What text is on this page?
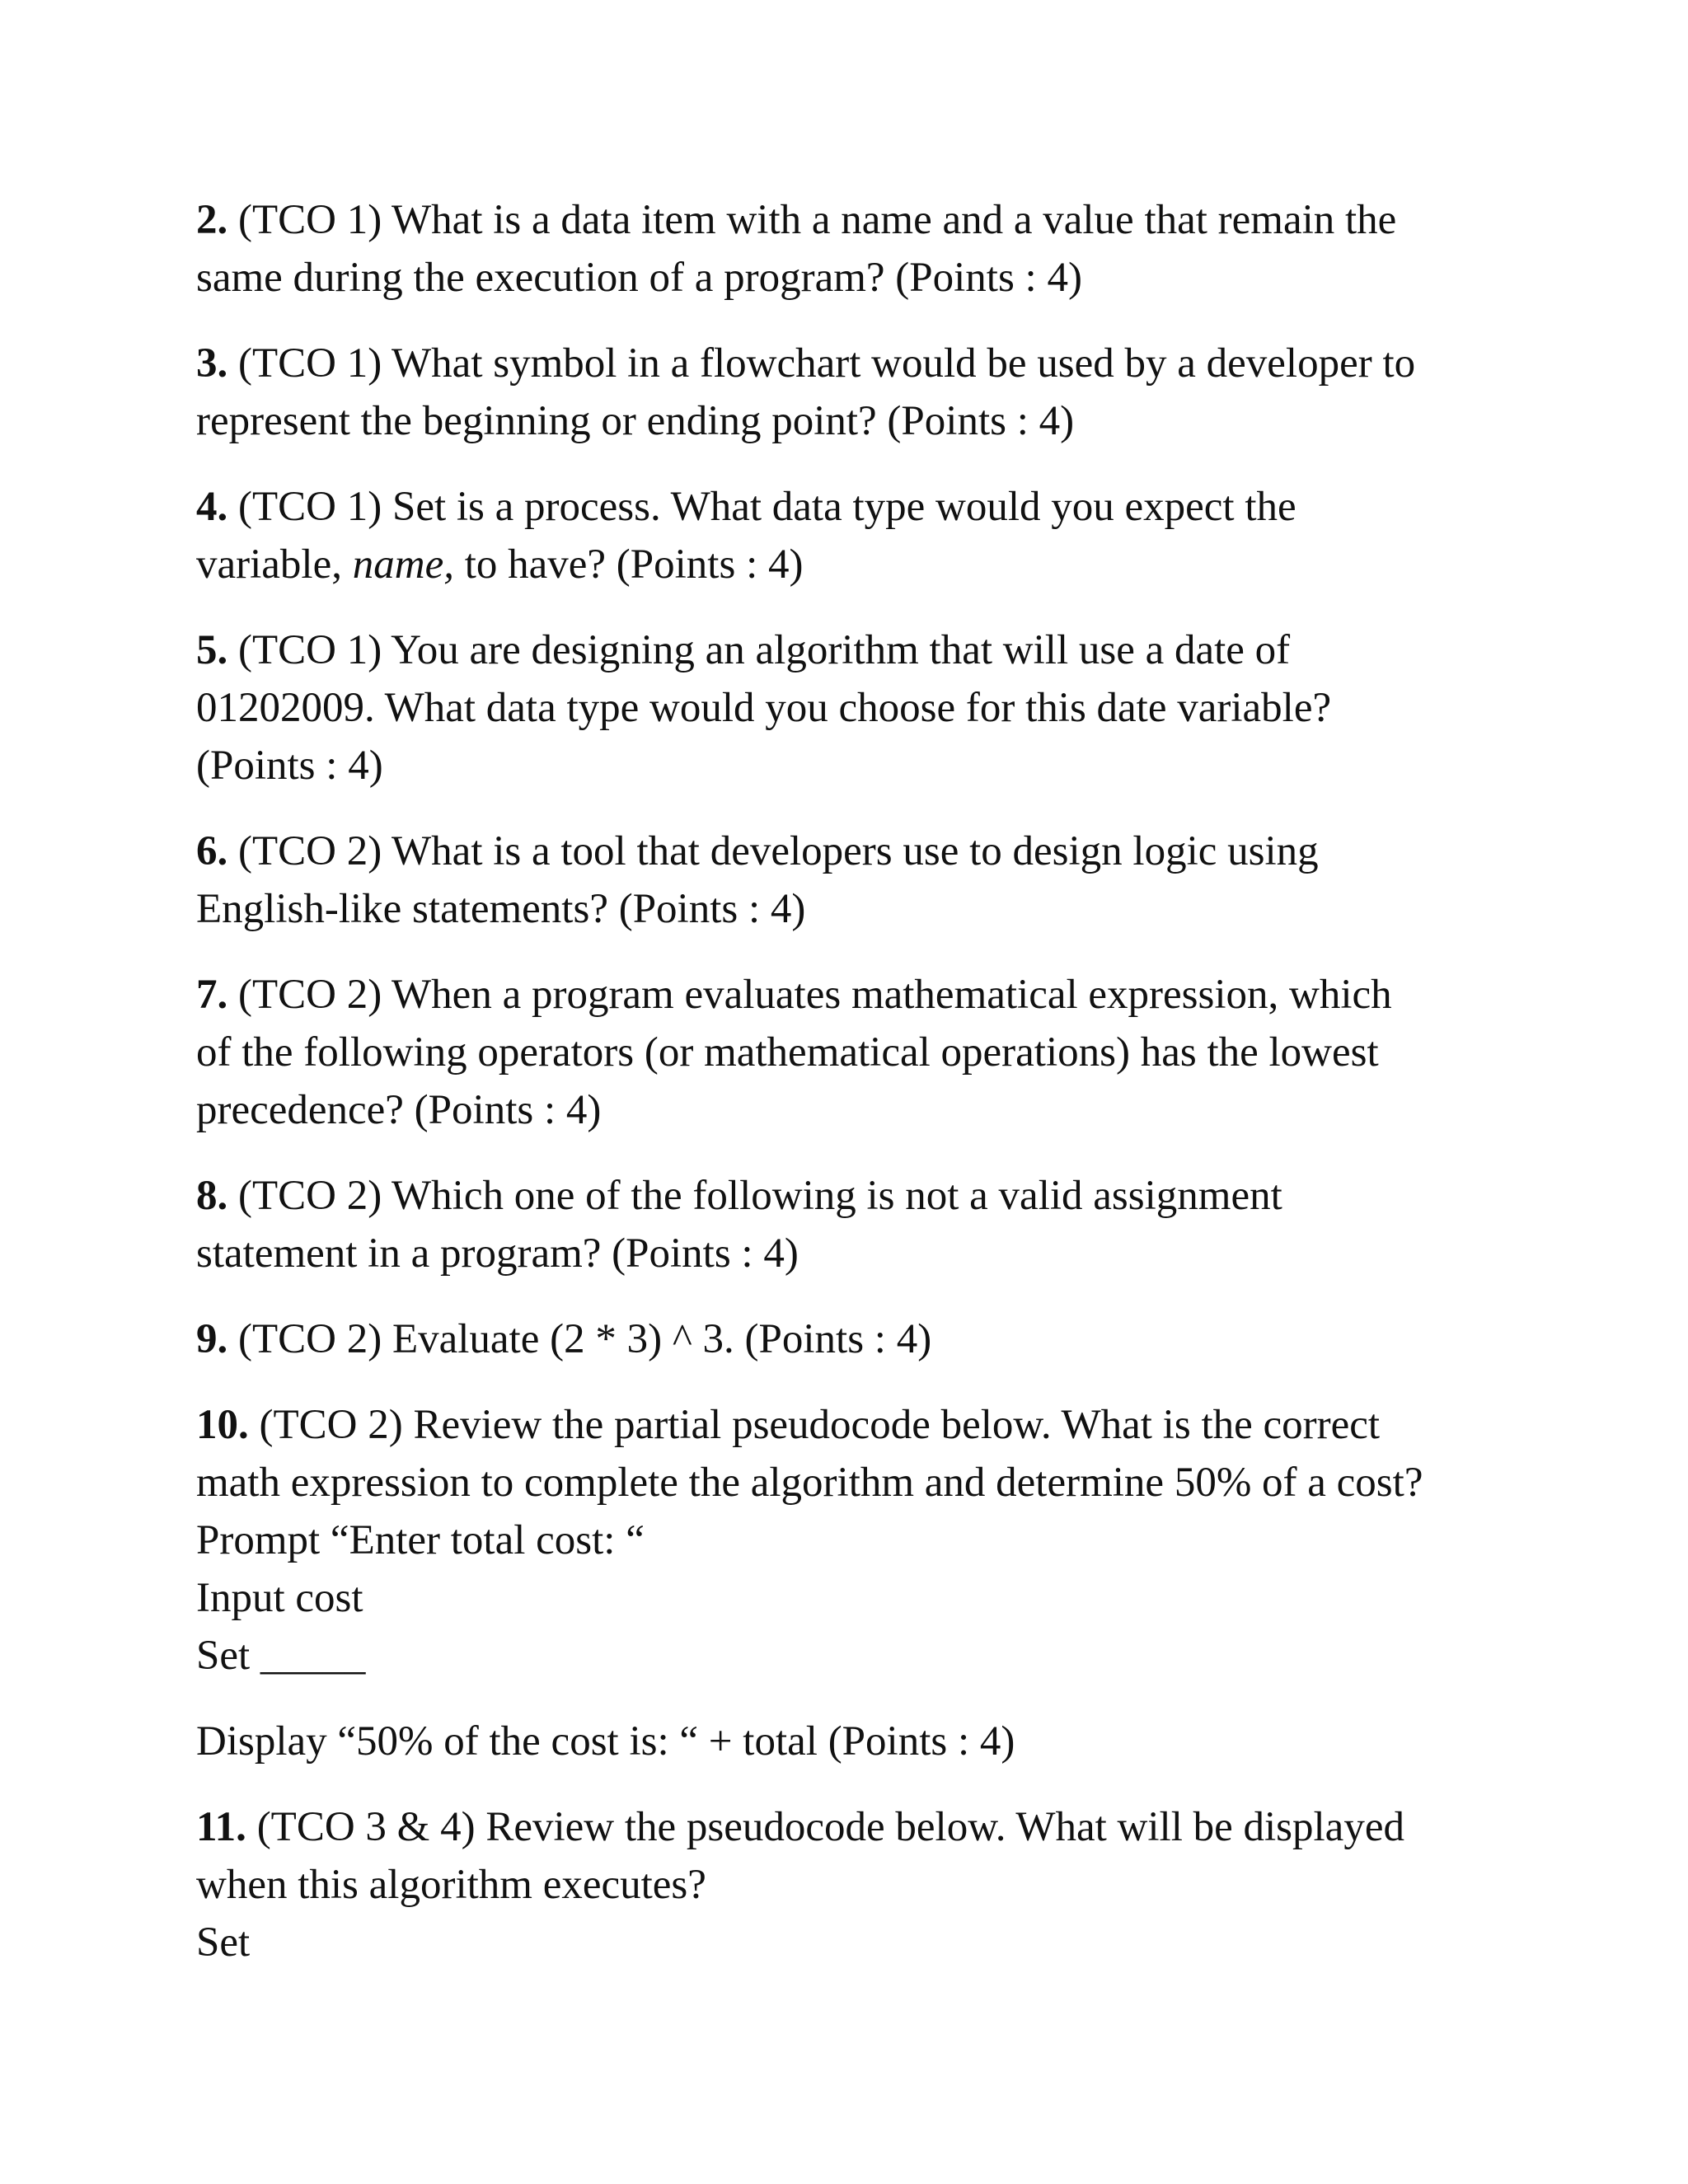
2. (TCO 1) What is a data item with a name and a value that remain the

same during the execution of a program? (Points : 4)

3. (TCO 1) What symbol in a flowchart would be used by a developer to

represent the beginning or ending point? (Points : 4)

4. (TCO 1) Set is a process. What data type would you expect the

variable, name, to have? (Points : 4)

5. (TCO 1) You are designing an algorithm that will use a date of

01202009. What data type would you choose for this date variable?

(Points : 4)

6. (TCO 2) What is a tool that developers use to design logic using

English-like statements? (Points : 4)

7. (TCO 2) When a program evaluates mathematical expression, which

of the following operators (or mathematical operations) has the lowest

precedence? (Points : 4)

8. (TCO 2) Which one of the following is not a valid assignment

statement in a program? (Points : 4)

9. (TCO 2) Evaluate (2 * 3) ^ 3. (Points : 4)

10. (TCO 2) Review the partial pseudocode below. What is the correct

math expression to complete the algorithm and determine 50% of a cost?

Prompt “Enter total cost: “

Input cost

Set _____

Display “50% of the cost is: “ + total (Points : 4)

11. (TCO 3 & 4) Review the pseudocode below. What will be displayed

when this algorithm executes?

Set
